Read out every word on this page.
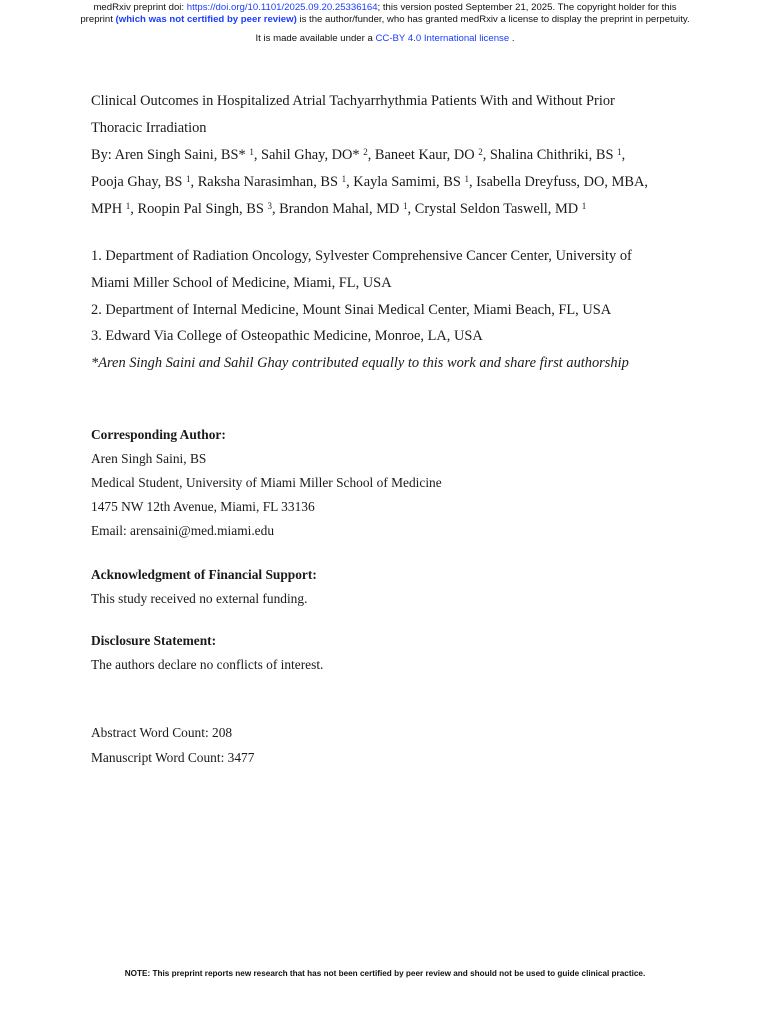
medRxiv preprint doi: https://doi.org/10.1101/2025.09.20.25336164; this version posted September 21, 2025. The copyright holder for this
preprint (which was not certified by peer review) is the author/funder, who has granted medRxiv a license to display the preprint in perpetuity.
It is made available under a CC-BY 4.0 International license .
Clinical Outcomes in Hospitalized Atrial Tachyarrhythmia Patients With and Without Prior
Thoracic Irradiation
By: Aren Singh Saini, BS* $^1$, Sahil Ghay, DO* $^2$, Baneet Kaur, DO $^2$, Shalina Chithriki, BS $^1$,
Pooja Ghay, BS $^1$, Raksha Narasimhan, BS $^1$, Kayla Samimi, BS $^1$, Isabella Dreyfuss, DO, MBA,
MPH $^1$, Roopin Pal Singh, BS $^3$, Brandon Mahal, MD $^1$, Crystal Seldon Taswell, MD $^1$
1. Department of Radiation Oncology, Sylvester Comprehensive Cancer Center, University of
Miami Miller School of Medicine, Miami, FL, USA
2. Department of Internal Medicine, Mount Sinai Medical Center, Miami Beach, FL, USA
3. Edward Via College of Osteopathic Medicine, Monroe, LA, USA
*Aren Singh Saini and Sahil Ghay contributed equally to this work and share first authorship
Corresponding Author:
Aren Singh Saini, BS
Medical Student, University of Miami Miller School of Medicine
1475 NW 12th Avenue, Miami, FL 33136
Email: arensaini@med.miami.edu
Acknowledgment of Financial Support:
This study received no external funding.
Disclosure Statement:
The authors declare no conflicts of interest.
Abstract Word Count: 208
Manuscript Word Count: 3477
NOTE: This preprint reports new research that has not been certified by peer review and should not be used to guide clinical practice.
